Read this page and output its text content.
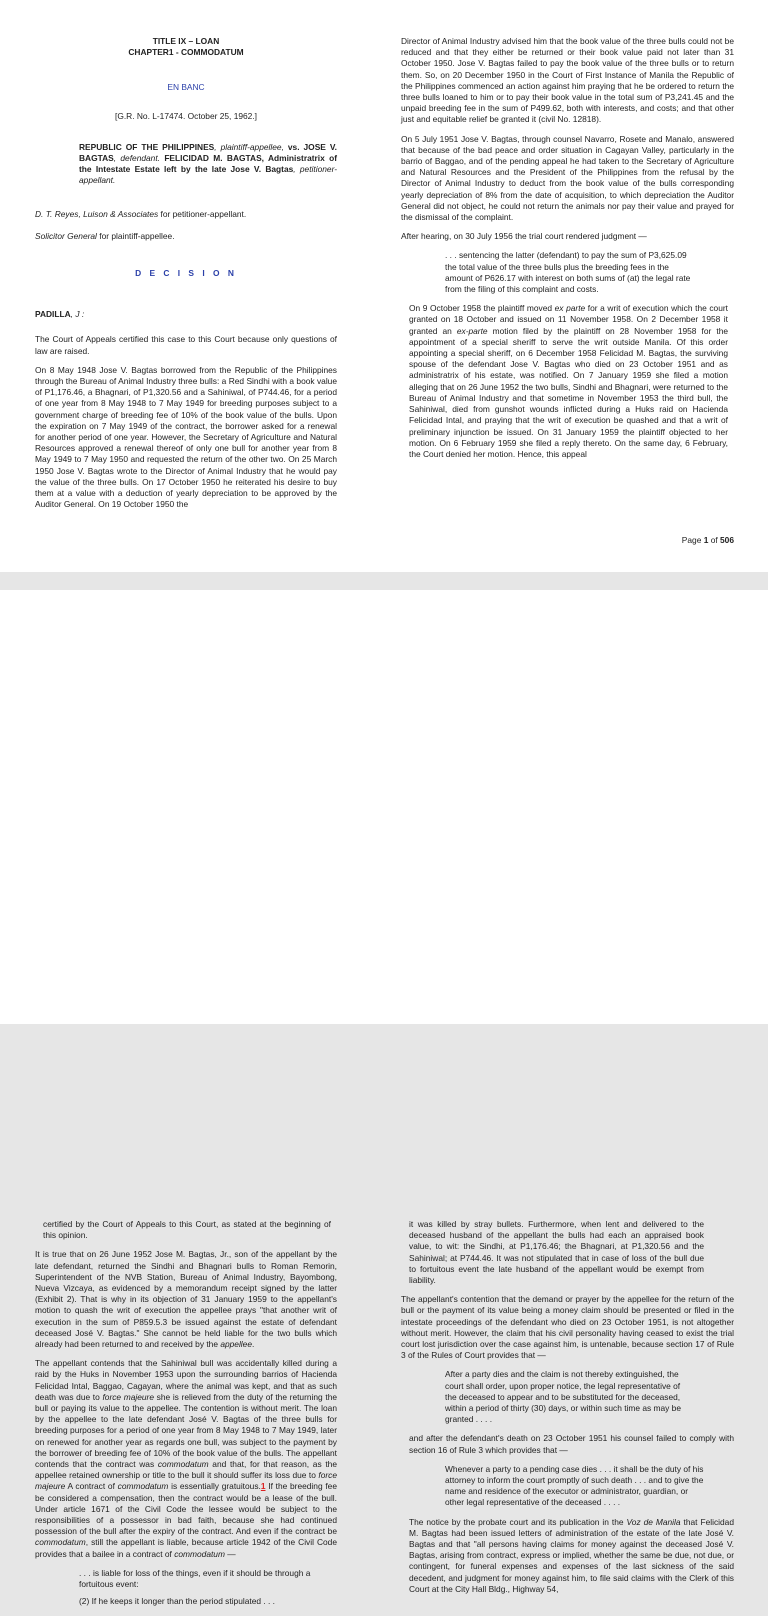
TITLE IX – LOAN
CHAPTER1 - COMMODATUM
EN BANC
[G.R. No. L-17474. October 25, 1962.]

REPUBLIC OF THE PHILIPPINES, plaintiff-appellee, vs. JOSE V. BAGTAS, defendant. FELICIDAD M. BAGTAS, Administratrix of the Intestate Estate left by the late Jose V. Bagtas, petitioner-appellant.

D. T. Reyes, Luison & Associates for petitioner-appellant.

Solicitor General for plaintiff-appellee.

D E C I S I O N

PADILLA, J :

The Court of Appeals certified this case to this Court because only questions of law are raised.

On 8 May 1948 Jose V. Bagtas borrowed from the Republic of the Philippines through the Bureau of Animal Industry three bulls: a Red Sindhi with a book value of P1,176.46, a Bhagnari, of P1,320.56 and a Sahiniwal, of P744.46, for a period of one year from 8 May 1948 to 7 May 1949 for breeding purposes subject to a government charge of breeding fee of 10% of the book value of the bulls. Upon the expiration on 7 May 1949 of the contract, the borrower asked for a renewal for another period of one year. However, the Secretary of Agriculture and Natural Resources approved a renewal thereof of only one bull for another year from 8 May 1949 to 7 May 1950 and requested the return of the other two. On 25 March 1950 Jose V. Bagtas wrote to the Director of Animal Industry that he would pay the value of the three bulls. On 17 October 1950 he reiterated his desire to buy them at a value with a deduction of yearly depreciation to be approved by the Auditor General. On 19 October 1950 the

Director of Animal Industry advised him that the book value of the three bulls could not be reduced and that they either be returned or their book value paid not later than 31 October 1950. Jose V. Bagtas failed to pay the book value of the three bulls or to return them. So, on 20 December 1950 in the Court of First Instance of Manila the Republic of the Philippines commenced an action against him praying that he be ordered to return the three bulls loaned to him or to pay their book value in the total sum of P3,241.45 and the unpaid breeding fee in the sum of P499.62, both with interests, and costs; and that other just and equitable relief be granted it (civil No. 12818).

On 5 July 1951 Jose V. Bagtas, through counsel Navarro, Rosete and Manalo, answered that because of the bad peace and order situation in Cagayan Valley, particularly in the barrio of Baggao, and of the pending appeal he had taken to the Secretary of Agriculture and Natural Resources and the President of the Philippines from the refusal by the Director of Animal Industry to deduct from the book value of the bulls corresponding yearly depreciation of 8% from the date of acquisition, to which depreciation the Auditor General did not object, he could not return the animals nor pay their value and prayed for the dismissal of the complaint.

After hearing, on 30 July 1956 the trial court rendered judgment —

. . . sentencing the latter (defendant) to pay the sum of P3,625.09 the total value of the three bulls plus the breeding fees in the amount of P626.17 with interest on both sums of (at) the legal rate from the filing of this complaint and costs.

On 9 October 1958 the plaintiff moved ex parte for a writ of execution which the court granted on 18 October and issued on 11 November 1958. On 2 December 1958 it granted an ex-parte motion filed by the plaintiff on 28 November 1958 for the appointment of a special sheriff to serve the writ outside Manila. Of this order appointing a special sheriff, on 6 December 1958 Felicidad M. Bagtas, the surviving spouse of the defendant Jose V. Bagtas who died on 23 October 1951 and as administratrix of his estate, was notified. On 7 January 1959 she filed a motion alleging that on 26 June 1952 the two bulls, Sindhi and Bhagnari, were returned to the Bureau of Animal Industry and that sometime in November 1953 the third bull, the Sahiniwal, died from gunshot wounds inflicted during a Huks raid on Hacienda Felicidad Intal, and praying that the writ of execution be quashed and that a writ of preliminary injunction be issued. On 31 January 1959 the plaintiff objected to her motion. On 6 February 1959 she filed a reply thereto. On the same day, 6 February, the Court denied her motion. Hence, this appeal

Page 1 of 506

certified by the Court of Appeals to this Court, as stated at the beginning of this opinion.

It is true that on 26 June 1952 Jose M. Bagtas, Jr., son of the appellant by the late defendant, returned the Sindhi and Bhagnari bulls to Roman Remorin, Superintendent of the NVB Station, Bureau of Animal Industry, Bayombong, Nueva Vizcaya, as evidenced by a memorandum receipt signed by the latter (Exhibit 2). That is why in its objection of 31 January 1959 to the appellant's motion to quash the writ of execution the appellee prays "that another writ of execution in the sum of P859.5.3 be issued against the estate of defendant deceased José V. Bagtas." She cannot be held liable for the two bulls which already had been returned to and received by the appellee.

The appellant contends that the Sahiniwal bull was accidentally killed during a raid by the Huks in November 1953 upon the surrounding barrios of Hacienda Felicidad Intal, Baggao, Cagayan, where the animal was kept, and that as such death was due to force majeure she is relieved from the duty of the returning the bull or paying its value to the appellee. The contention is without merit. The loan by the appellee to the late defendant José V. Bagtas of the three bulls for breeding purposes for a period of one year from 8 May 1948 to 7 May 1949, later on renewed for another year as regards one bull, was subject to the payment by the borrower of breeding fee of 10% of the book value of the bulls. The appellant contends that the contract was commodatum and that, for that reason, as the appellee retained ownership or title to the bull it should suffer its loss due to force majeure A contract of commodatum is essentially gratuitous.1 If the breeding fee be considered a compensation, then the contract would be a lease of the bull. Under article 1671 of the Civil Code the lessee would be subject to the responsibilities of a possessor in bad faith, because she had continued possession of the bull after the expiry of the contract. And even if the contract be commodatum, still the appellant is liable, because article 1942 of the Civil Code provides that a bailee in a contract of commodatum —

. . . is liable for loss of the things, even if it should be through a fortuitous event:

(2) If he keeps it longer than the period stipulated . . .

it was killed by stray bullets. Furthermore, when lent and delivered to the deceased husband of the appellant the bulls had each an appraised book value, to wit: the Sindhi, at P1,176.46; the Bhagnari, at P1,320.56 and the Sahiniwal; at P744.46. It was not stipulated that in case of loss of the bull due to fortuitous event the late husband of the appellant would be exempt from liability.

The appellant's contention that the demand or prayer by the appellee for the return of the bull or the payment of its value being a money claim should be presented or filed in the intestate proceedings of the defendant who died on 23 October 1951, is not altogether without merit. However, the claim that his civil personality having ceased to exist the trial court lost jurisdiction over the case against him, is untenable, because section 17 of Rule 3 of the Rules of Court provides that —

After a party dies and the claim is not thereby extinguished, the court shall order, upon proper notice, the legal representative of the deceased to appear and to be substituted for the deceased, within a period of thirty (30) days, or within such time as may be granted . . . .

and after the defendant's death on 23 October 1951 his counsel failed to comply with section 16 of Rule 3 which provides that —

Whenever a party to a pending case dies . . . it shall be the duty of his attorney to inform the court promptly of such death . . . and to give the name and residence of the executor or administrator, guardian, or other legal representative of the deceased . . . .

The notice by the probate court and its publication in the Voz de Manila that Felicidad M. Bagtas had been issued letters of administration of the estate of the late José V. Bagtas and that "all persons having claims for money against the deceased José V. Bagtas, arising from contract, express or implied, whether the same be due, not due, or contingent, for funeral expenses and expenses of the last sickness of the said decedent, and judgment for money against him, to file said claims with the Clerk of this Court at the City Hall Bldg., Highway 54,
